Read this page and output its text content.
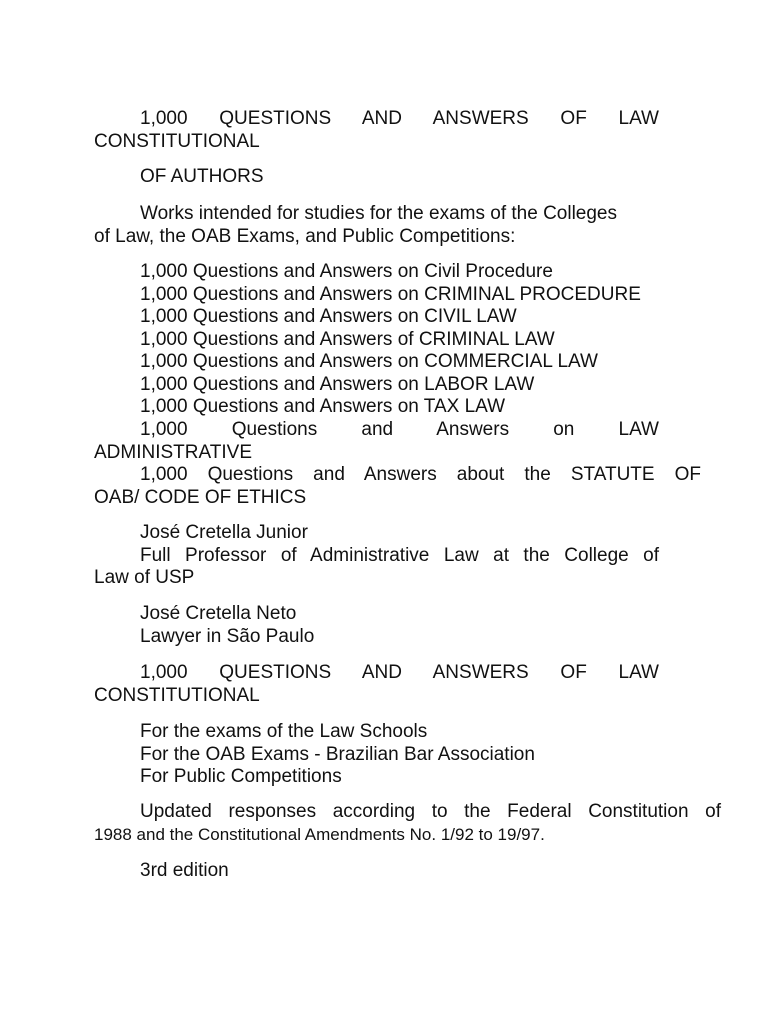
1,000 QUESTIONS AND ANSWERS OF LAW
CONSTITUTIONAL
OF AUTHORS
Works intended for studies for the exams of the Colleges
of Law, the OAB Exams, and Public Competitions:
1,000 Questions and Answers on Civil Procedure
1,000 Questions and Answers on CRIMINAL PROCEDURE
1,000 Questions and Answers on CIVIL LAW
1,000 Questions and Answers of CRIMINAL LAW
1,000 Questions and Answers on COMMERCIAL LAW
1,000 Questions and Answers on LABOR LAW
1,000 Questions and Answers on TAX LAW
1,000 Questions and Answers on LAW
ADMINISTRATIVE
1,000 Questions and Answers about the STATUTE OF
OAB/ CODE OF ETHICS
José Cretella Junior
Full Professor of Administrative Law at the College of
Law of USP
José Cretella Neto
Lawyer in São Paulo
1,000 QUESTIONS AND ANSWERS OF LAW
CONSTITUTIONAL
For the exams of the Law Schools
For the OAB Exams - Brazilian Bar Association
For Public Competitions
Updated responses according to the Federal Constitution of
1988 and the Constitutional Amendments No. 1/92 to 19/97.
3rd edition
